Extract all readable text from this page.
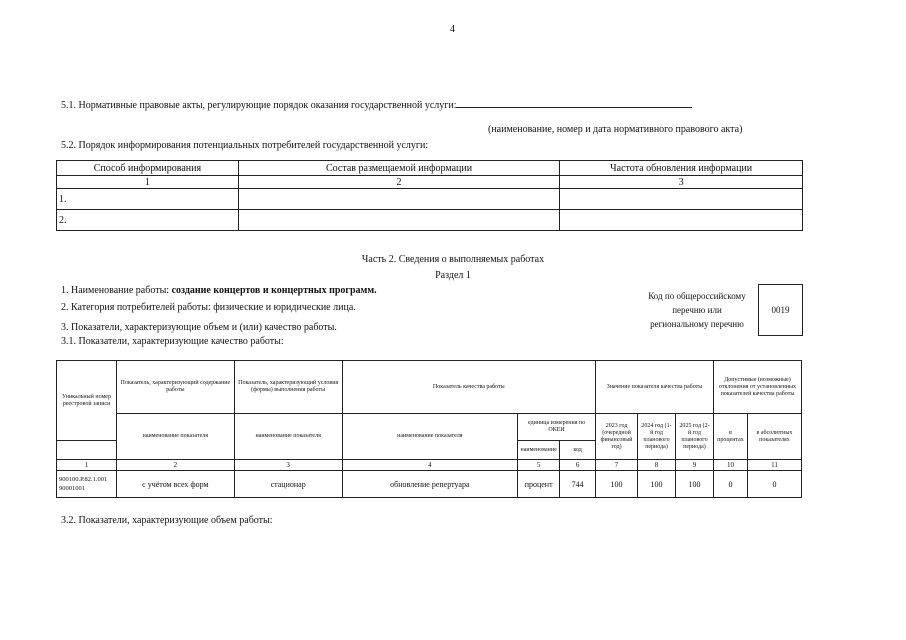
4
5.1. Нормативные правовые акты, регулирующие порядок оказания государственной услуги:
(наименование, номер и дата нормативного правового акта)
5.2. Порядок информирования потенциальных потребителей государственной услуги:
Способ информирования	Состав размещаемой информации	Частота обновления информации
1	2	3
1.		
2.		
Часть 2. Сведения о выполняемых работах
Раздел 1
1. Наименование работы: создание концертов и концертных программ.
2. Категория потребителей работы: физические и юридические лица.
3. Показатели, характеризующие объем и (или) качество работы.
3.1. Показатели, характеризующие качество работы:
Код по общероссийскому
перечню или
региональному перечню
0019
Уникальный номер реестровой записи	Показатель, характеризующий содержание работы	Показатель, характеризующий условия (формы) выполнения работы	Показатель качества работы			Значение показателя качества работы			Допустимые (возможные) отклонения от установленных показателей качества работы	
	наименование показателя	наименование показателя	наименование показателя	единица измерения по ОКЕИ		2023 год (очередной финансовый год)	2024 год (1-й год планового периода)	2025 год (2-й год планового периода)	в процентах	в абсолютных показателях
				наименование	код					
1	2	3	4	5	6	7	8	9	10	11
900100.Р.82.1.001 90001001	с учётом всех форм	стационар	обновление репертуара	процент	744	100	100	100	0	0
3.2. Показатели, характеризующие объем работы:
